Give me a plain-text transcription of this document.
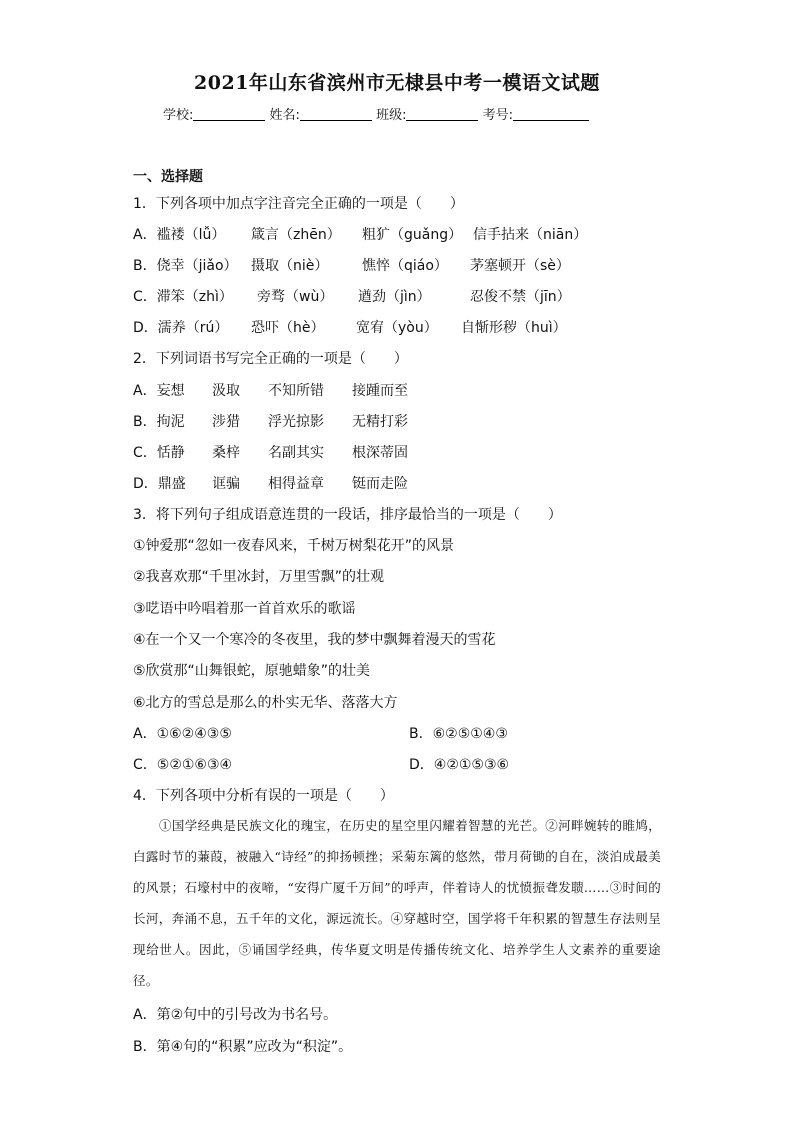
2021年山东省滨州市无棣县中考一模语文试题
学校:	姓名:	班级:	考号:
一、选择题
1．下列各项中加点字注音完全正确的一项是（　　）
A．褴褛（lǚ） 箴言（zhēn） 粗犷（guǎng） 信手拈来（niān）
B．侥幸（jiǎo） 摄取（niè） 憔悴（qiáo） 茅塞顿开（sè）
C．滞笨（zhì） 旁骛（wù） 遒劲（jìn）	忍俊不禁（jīn）
D．濡养（rú） 恐吓（hè） 宽宥（yòu） 自惭形秽（huì）
2．下列词语书写完全正确的一项是（　　）
A．妄想 汲取 不知所错 接踵而至
B．拘泥 涉猎 浮光掠影 无精打彩
C．恬静 桑梓 名副其实 根深蒂固
D．鼎盛 诓骗 相得益章 铤而走险
3．将下列句子组成语意连贯的一段话，排序最恰当的一项是（　　）
①钟爱那“忽如一夜春风来，千树万树梨花开”的风景
②我喜欢那“千里冰封，万里雪飘”的壮观
③呓语中吟唱着那一首首欢乐的歌谣
④在一个又一个寒冷的冬夜里，我的梦中飘舞着漫天的雪花
⑤欣赏那“山舞银蛇，原驰蜡象”的壮美
⑥北方的雪总是那么的朴实无华、落落大方
A．①⑥②④③⑤	B．⑥②⑤①④③
C．⑤②①⑥③④	D．④②①⑤③⑥
4．下列各项中分析有误的一项是（　　）
①国学经典是民族文化的瑰宝，在历史的星空里闪耀着智慧的光芒。②河畔婉转的睢鸠，白露时节的蒹葭，被融入“诗经”的抑扬顿挫；采菊东篱的悠然，带月荷锄的自在，淡泊成最美的风景；石壕村中的夜啼，“安得广厦千万间”的呼声，伴着诗人的忧愤振聋发聩……③时间的长河，奔涌不息，五千年的文化，源远流长。④穿越时空，国学将千年积累的智慧生存法则呈现给世人。因此，⑤诵国学经典，传华夏文明是传播传统文化、培养学生人文素养的重要途径。
A．第②句中的引号改为书名号。
B．第④句的“积累”应改为“积淀”。
